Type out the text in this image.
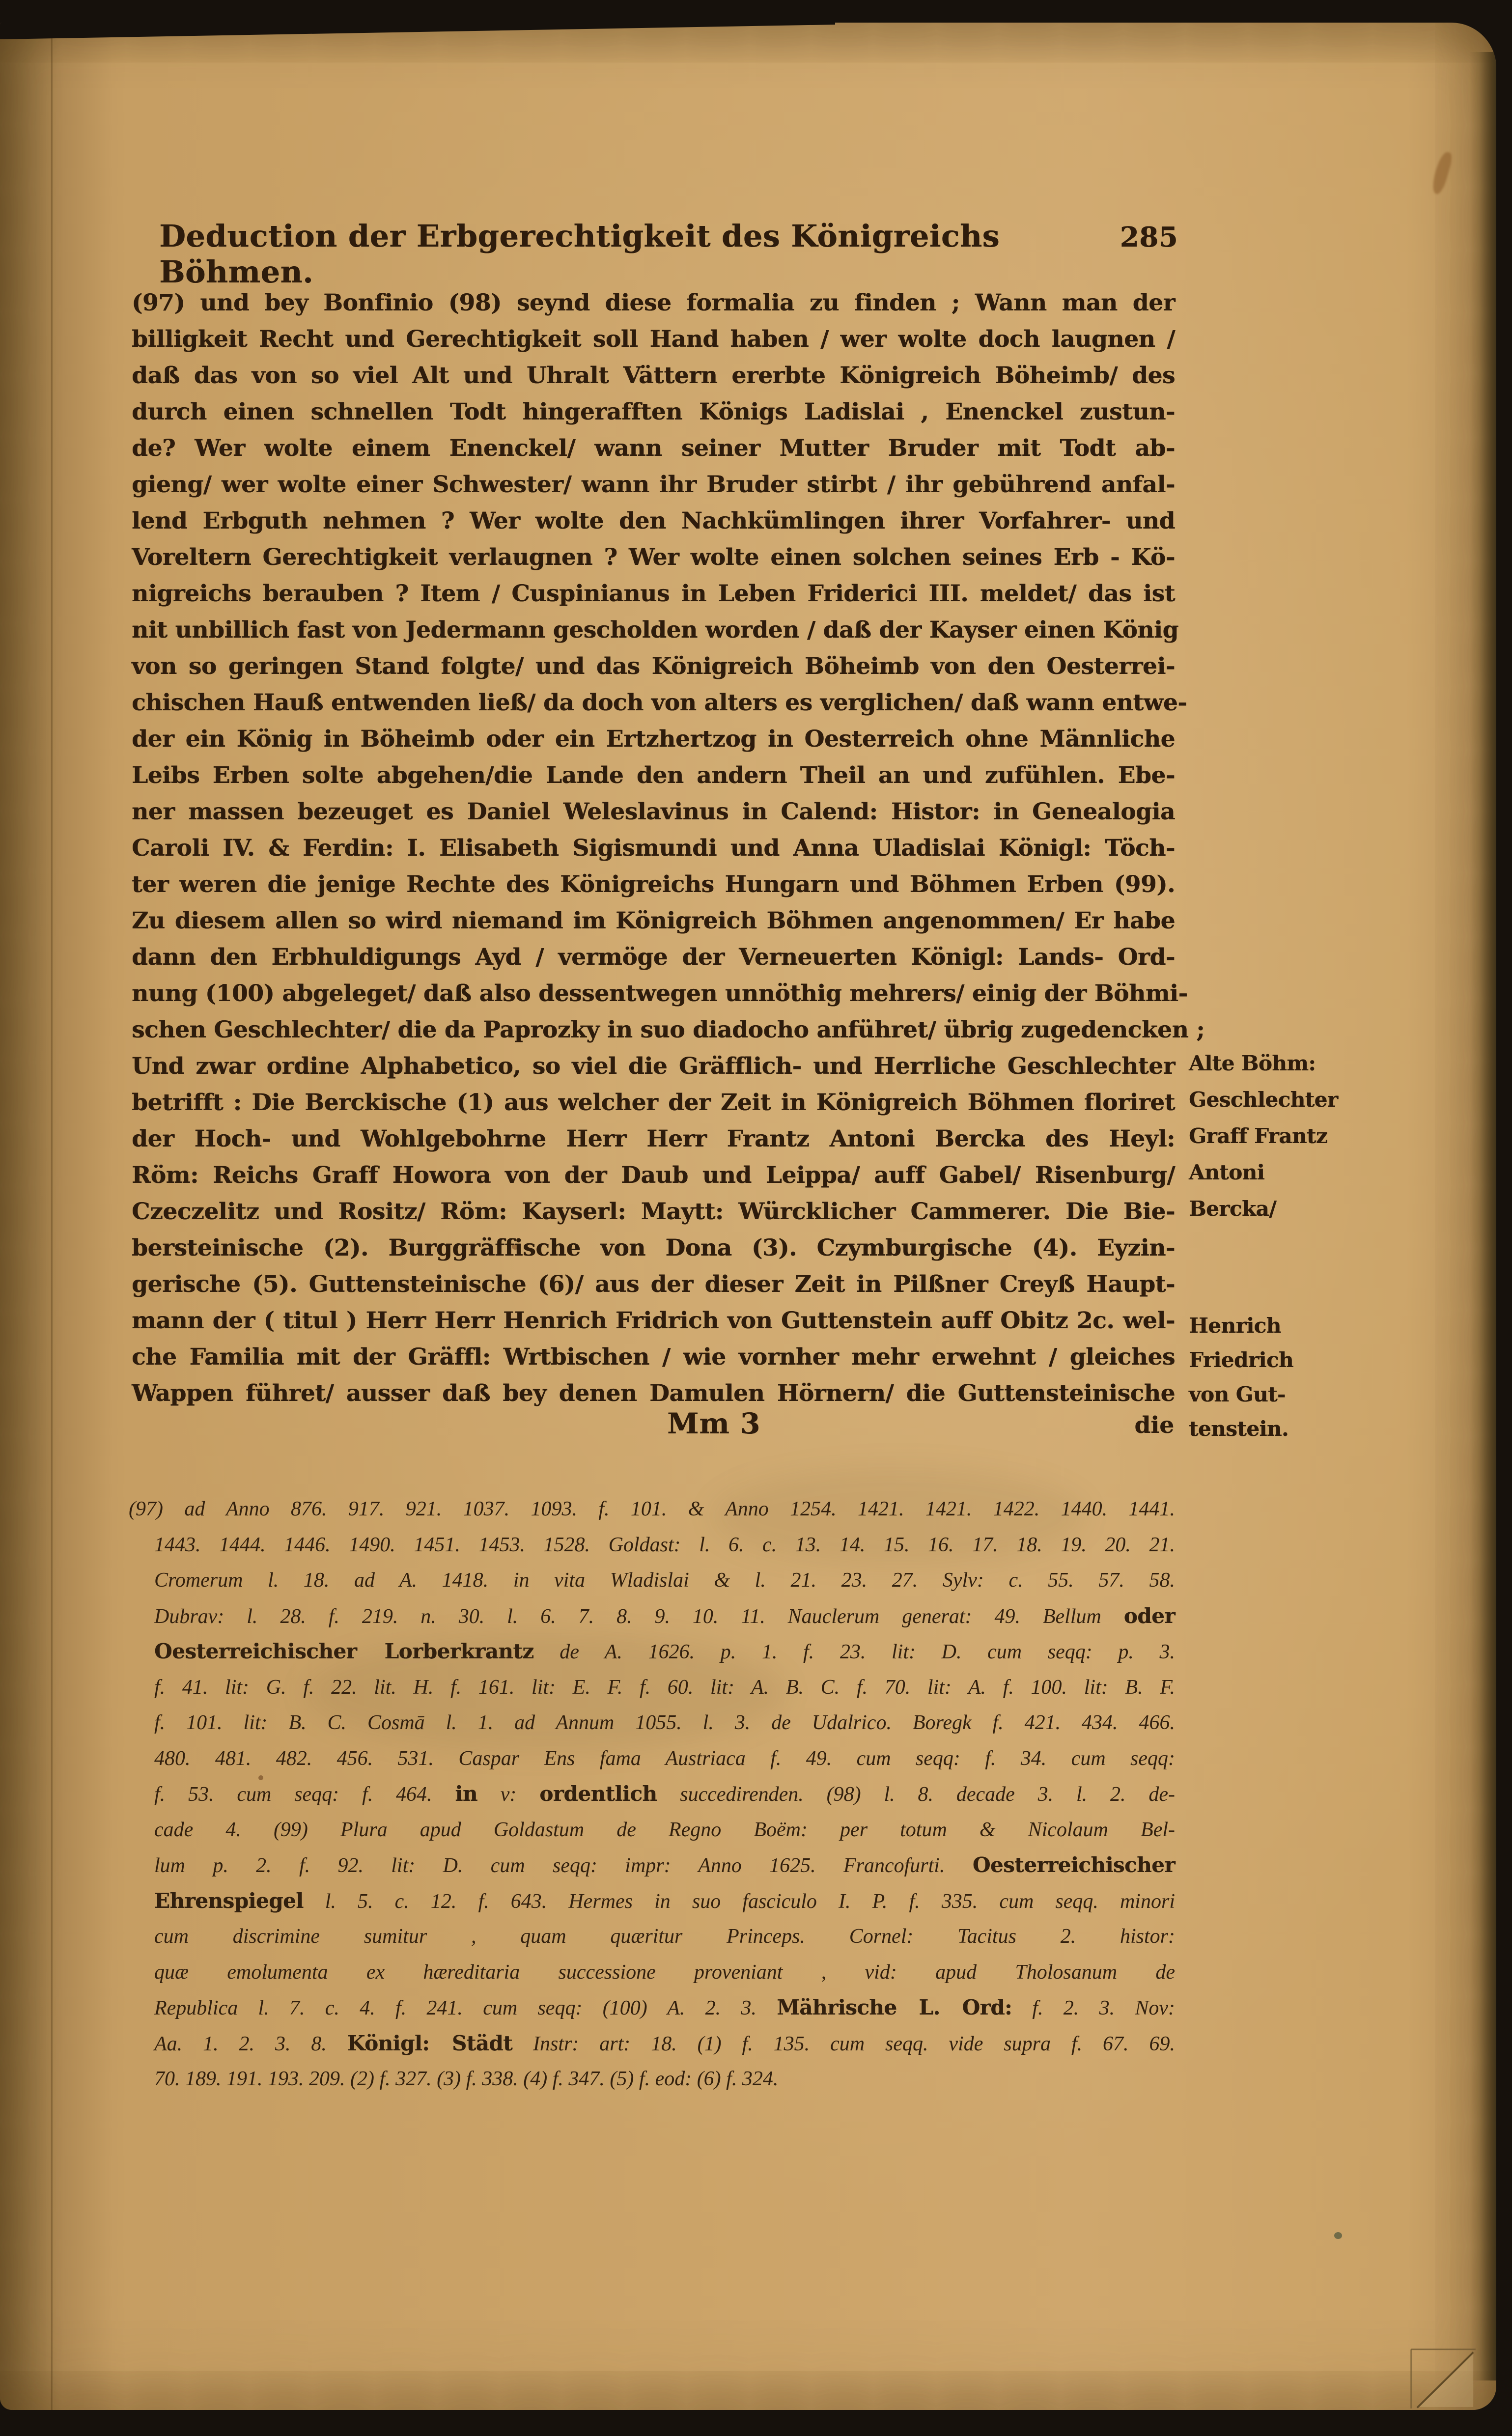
Deduction der Erbgerechtigkeit des Königreichs Böhmen.
285
(97) und bey Bonfinio (98) seynd diese formalia zu finden ; Wann man der
billigkeit Recht und Gerechtigkeit soll Hand haben / wer wolte doch laugnen /
daß das von so viel Alt und Uhralt Vättern ererbte Königreich Böheimb/ des
durch einen schnellen Todt hingerafften Königs Ladislai , Enenckel zustun-
de? Wer wolte einem Enenckel/ wann seiner Mutter Bruder mit Todt ab-
gieng/ wer wolte einer Schwester/ wann ihr Bruder stirbt / ihr gebührend anfal-
lend Erbguth nehmen ? Wer wolte den Nachkümlingen ihrer Vorfahrer- und
Voreltern Gerechtigkeit verlaugnen ? Wer wolte einen solchen seines Erb - Kö-
nigreichs berauben ? Item / Cuspinianus in Leben Friderici III. meldet/ das ist
nit unbillich fast von Jedermann gescholden worden / daß der Kayser einen König
von so geringen Stand folgte/ und das Königreich Böheimb von den Oesterrei-
chischen Hauß entwenden ließ/ da doch von alters es verglichen/ daß wann entwe-
der ein König in Böheimb oder ein Ertzhertzog in Oesterreich ohne Männliche
Leibs Erben solte abgehen/die Lande den andern Theil an und zufühlen. Ebe-
ner massen bezeuget es Daniel Weleslavinus in Calend: Histor: in Genealogia
Caroli IV. & Ferdin: I. Elisabeth Sigismundi und Anna Uladislai Königl: Töch-
ter weren die jenige Rechte des Königreichs Hungarn und Böhmen Erben (99).
Zu diesem allen so wird niemand im Königreich Böhmen angenommen/ Er habe
dann den Erbhuldigungs Ayd / vermöge der Verneuerten Königl: Lands- Ord-
nung (100) abgeleget/ daß also dessentwegen unnöthig mehrers/ einig der Böhmi-
schen Geschlechter/ die da Paprozky in suo diadocho anführet/ übrig zugedencken ;
Und zwar ordine Alphabetico, so viel die Gräfflich- und Herrliche Geschlechter
betrifft : Die Berckische (1) aus welcher der Zeit in Königreich Böhmen floriret
der Hoch- und Wohlgebohrne Herr Herr Frantz Antoni Bercka des Heyl:
Röm: Reichs Graff Howora von der Daub und Leippa/ auff Gabel/ Risenburg/
Czeczelitz und Rositz/ Röm: Kayserl: Maytt: Würcklicher Cammerer. Die Bie-
bersteinische (2). Burggräffische von Dona (3). Czymburgische (4). Eyzin-
gerische (5). Guttensteinische (6)/ aus der dieser Zeit in Pilßner Creyß Haupt-
mann der ( titul ) Herr Herr Henrich Fridrich von Guttenstein auff Obitz 2c. wel-
che Familia mit der Gräffl: Wrtbischen / wie vornher mehr erwehnt / gleiches
Wappen führet/ ausser daß bey denen Damulen Hörnern/ die Guttensteinische
Alte Böhm:
Geschlechter
Graff Frantz
Antoni
Bercka/
Henrich
Friedrich
von Gut-
tenstein.
Mm 3	die
(97) ad Anno 876. 917. 921. 1037. 1093. f. 101. & Anno 1254. 1421. 1421. 1422. 1440. 1441.
1443. 1444. 1446. 1490. 1451. 1453. 1528. Goldast: l. 6. c. 13. 14. 15. 16. 17. 18. 19. 20. 21.
Cromerum l. 18. ad A. 1418. in vita Wladislai & l. 21. 23. 27. Sylv: c. 55. 57. 58.
Dubrav: l. 28. f. 219. n. 30. l. 6. 7. 8. 9. 10. 11. Nauclerum generat: 49. Bellum oder
Oesterreichischer Lorberkrantz de A. 1626. p. 1. f. 23. lit: D. cum seqq: p. 3.
f. 41. lit: G. f. 22. lit. H. f. 161. lit: E. F. f. 60. lit: A. B. C. f. 70. lit: A. f. 100. lit: B. F.
f. 101. lit: B. C. Cosmā l. 1. ad Annum 1055. l. 3. de Udalrico. Boregk f. 421. 434. 466.
480. 481. 482. 456. 531. Caspar Ens fama Austriaca f. 49. cum seqq: f. 34. cum seqq:
f. 53. cum seqq: f. 464. in v: ordentlich succedirenden. (98) l. 8. decade 3. l. 2. de-
cade 4. (99) Plura apud Goldastum de Regno Boëm: per totum & Nicolaum Bel-
lum p. 2. f. 92. lit: D. cum seqq: impr: Anno 1625. Francofurti. Oesterreichischer
Ehrenspiegel l. 5. c. 12. f. 643. Hermes in suo fasciculo I. P. f. 335. cum seqq. minori
cum discrimine sumitur , quam quæritur Princeps. Cornel: Tacitus 2. histor:
quæ emolumenta ex hæreditaria successione proveniant , vid: apud Tholosanum de
Republica l. 7. c. 4. f. 241. cum seqq: (100) A. 2. 3. Mährische L. Ord: f. 2. 3. Nov:
Aa. 1. 2. 3. 8. Königl: Städt Instr: art: 18. (1) f. 135. cum seqq. vide supra f. 67. 69.
70. 189. 191. 193. 209. (2) f. 327. (3) f. 338. (4) f. 347. (5) f. eod: (6) f. 324.
